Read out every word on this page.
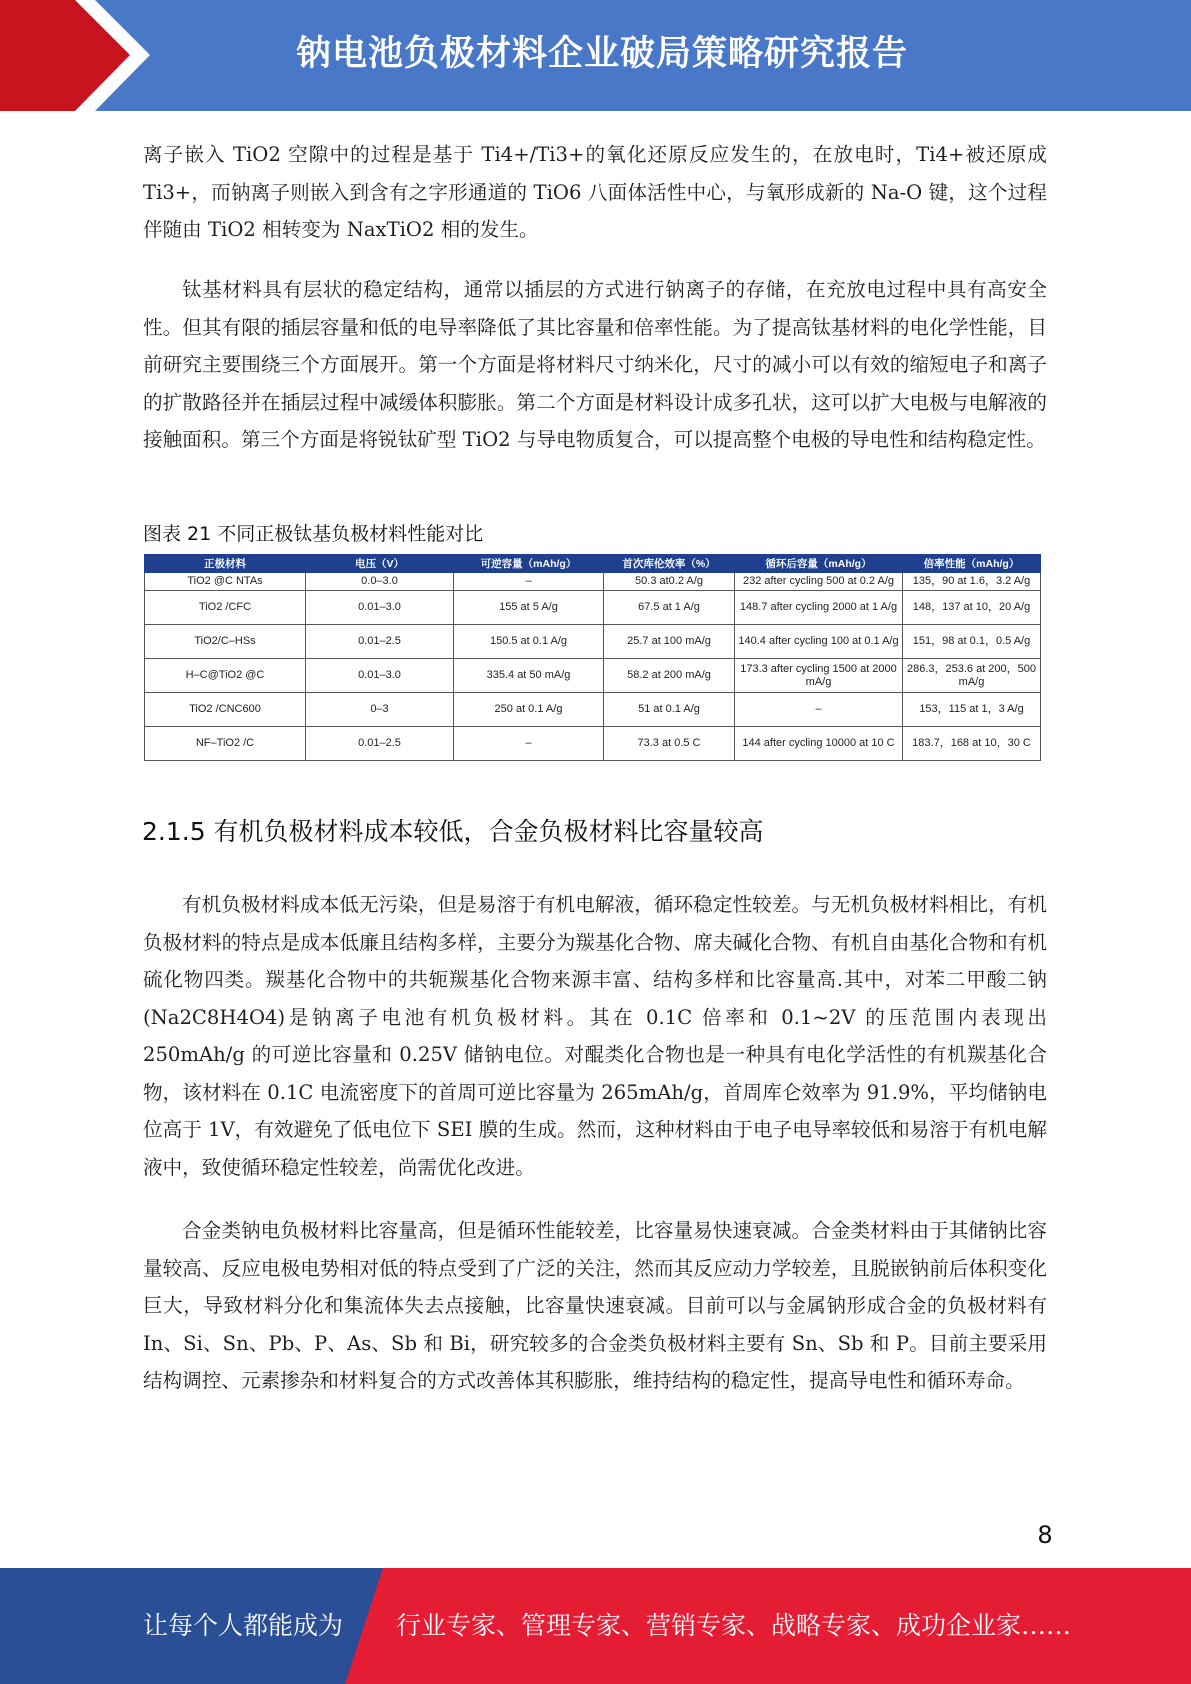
钠电池负极材料企业破局策略研究报告

离子嵌入 TiO2 空隙中的过程是基于 Ti4+/Ti3+的氧化还原反应发生的，在放电时，Ti4+被还原成 Ti3+，而钠离子则嵌入到含有之字形通道的 TiO6 八面体活性中心，与氧形成新的 Na-O 键，这个过程伴随由 TiO2 相转变为 NaxTiO2 相的发生。

钛基材料具有层状的稳定结构，通常以插层的方式进行钠离子的存储，在充放电过程中具有高安全性。但其有限的插层容量和低的电导率降低了其比容量和倍率性能。为了提高钛基材料的电化学性能，目前研究主要围绕三个方面展开。第一个方面是将材料尺寸纳米化，尺寸的减小可以有效的缩短电子和离子的扩散路径并在插层过程中减缓体积膨胀。第二个方面是材料设计成多孔状，这可以扩大电极与电解液的接触面积。第三个方面是将锐钛矿型 TiO2 与导电物质复合，可以提高整个电极的导电性和结构稳定性。

图表 21 不同正极钛基负极材料性能对比
正极材料	电压（V）	可逆容量（mAh/g）	首次库伦效率（%）	循环后容量（mAh/g）	倍率性能（mAh/g）
TiO2 @C NTAs	0.0–3.0	–	50.3 at0.2 A/g	232 after cycling 500 at 0.2 A/g	135，90 at 1.6，3.2 A/g
TiO2 /CFC	0.01–3.0	155 at 5 A/g	67.5 at 1 A/g	148.7 after cycling 2000 at 1 A/g	148，137 at 10，20 A/g
TiO2/C–HSs	0.01–2.5	150.5 at 0.1 A/g	25.7 at 100 mA/g	140.4 after cycling 100 at 0.1 A/g	151，98 at 0.1，0.5 A/g
H–C@TiO2 @C	0.01–3.0	335.4 at 50 mA/g	58.2 at 200 mA/g	173.3 after cycling 1500 at 2000 mA/g	286.3，253.6 at 200，500 mA/g
TiO2 /CNC600	0–3	250 at 0.1 A/g	51 at 0.1 A/g	–	153，115 at 1，3 A/g
NF–TiO2 /C	0.01–2.5	–	73.3 at 0.5 C	144 after cycling 10000 at 10 C	183.7，168 at 10，30 C
2.1.5 有机负极材料成本较低，合金负极材料比容量较高

有机负极材料成本低无污染，但是易溶于有机电解液，循环稳定性较差。与无机负极材料相比，有机负极材料的特点是成本低廉且结构多样，主要分为羰基化合物、席夫碱化合物、有机自由基化合物和有机硫化物四类。羰基化合物中的共轭羰基化合物来源丰富、结构多样和比容量高.其中，对苯二甲酸二钠(Na2C8H4O4)是钠离子电池有机负极材料。其在 0.1C 倍率和 0.1~2V 的压范围内表现出 250mAh/g 的可逆比容量和 0.25V 储钠电位。对醌类化合物也是一种具有电化学活性的有机羰基化合物，该材料在 0.1C 电流密度下的首周可逆比容量为 265mAh/g，首周库仑效率为 91.9%，平均储钠电位高于 1V，有效避免了低电位下 SEI 膜的生成。然而，这种材料由于电子电导率较低和易溶于有机电解液中，致使循环稳定性较差，尚需优化改进。

合金类钠电负极材料比容量高，但是循环性能较差，比容量易快速衰减。合金类材料由于其储钠比容量较高、反应电极电势相对低的特点受到了广泛的关注，然而其反应动力学较差，且脱嵌钠前后体积变化巨大，导致材料分化和集流体失去点接触，比容量快速衰减。目前可以与金属钠形成合金的负极材料有 In、Si、Sn、Pb、P、As、Sb 和 Bi，研究较多的合金类负极材料主要有 Sn、Sb 和 P。目前主要采用结构调控、元素掺杂和材料复合的方式改善体其积膨胀，维持结构的稳定性，提高导电性和循环寿命。

8
让每个人都能成为 行业专家、管理专家、营销专家、战略专家、成功企业家……
